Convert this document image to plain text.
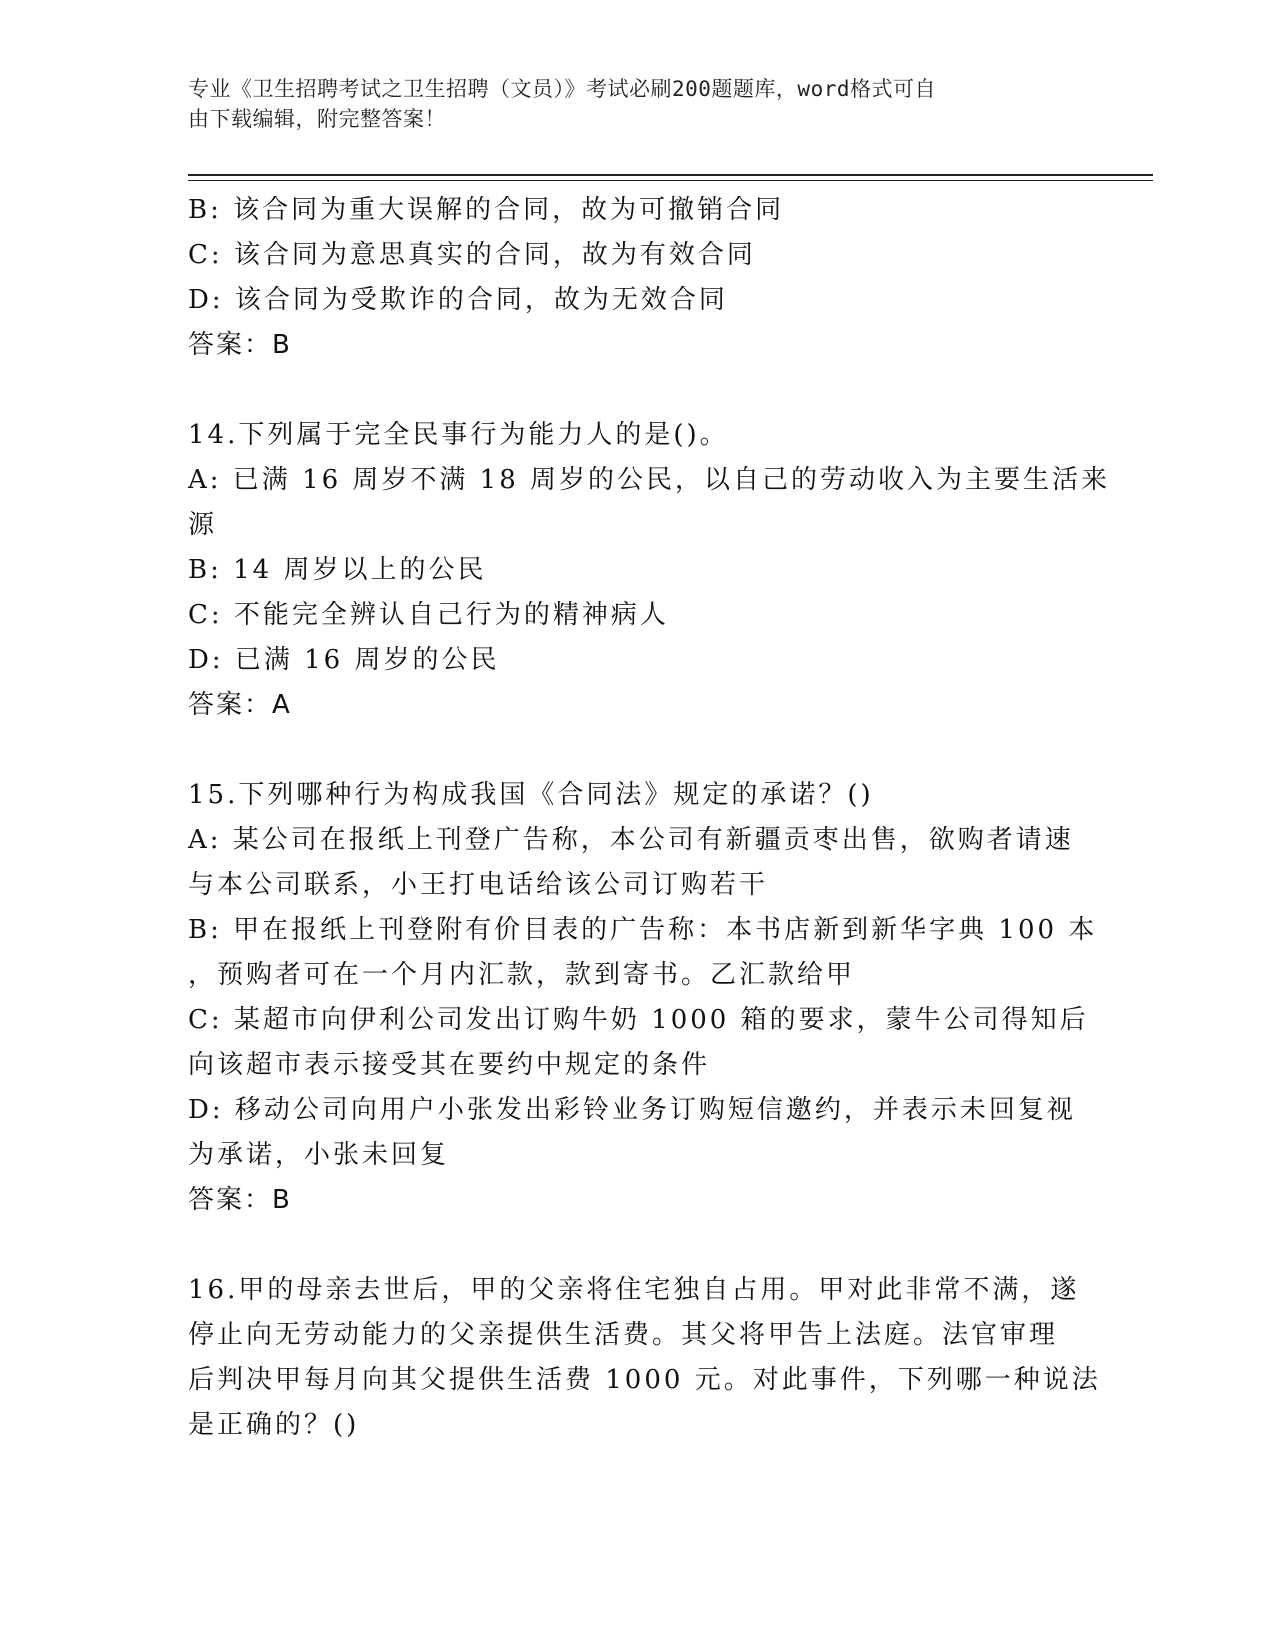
专业《卫生招聘考试之卫生招聘（文员）》考试必刷200题题库，word格式可自
由下载编辑，附完整答案！
B: 该合同为重大误解的合同，故为可撤销合同
C: 该合同为意思真实的合同，故为有效合同
D: 该合同为受欺诈的合同，故为无效合同
答案：B
14.下列属于完全民事行为能力人的是()。
A: 已满 16 周岁不满 18 周岁的公民，以自己的劳动收入为主要生活来
源
B: 14 周岁以上的公民
C: 不能完全辨认自己行为的精神病人
D: 已满 16 周岁的公民
答案：A
15.下列哪种行为构成我国《合同法》规定的承诺？()
A: 某公司在报纸上刊登广告称，本公司有新疆贡枣出售，欲购者请速
与本公司联系，小王打电话给该公司订购若干
B: 甲在报纸上刊登附有价目表的广告称：本书店新到新华字典 100 本
，预购者可在一个月内汇款，款到寄书。乙汇款给甲
C: 某超市向伊利公司发出订购牛奶 1000 箱的要求，蒙牛公司得知后
向该超市表示接受其在要约中规定的条件
D: 移动公司向用户小张发出彩铃业务订购短信邀约，并表示未回复视
为承诺，小张未回复
答案：B
16.甲的母亲去世后，甲的父亲将住宅独自占用。甲对此非常不满，遂
停止向无劳动能力的父亲提供生活费。其父将甲告上法庭。法官审理
后判决甲每月向其父提供生活费 1000 元。对此事件，下列哪一种说法
是正确的？()
